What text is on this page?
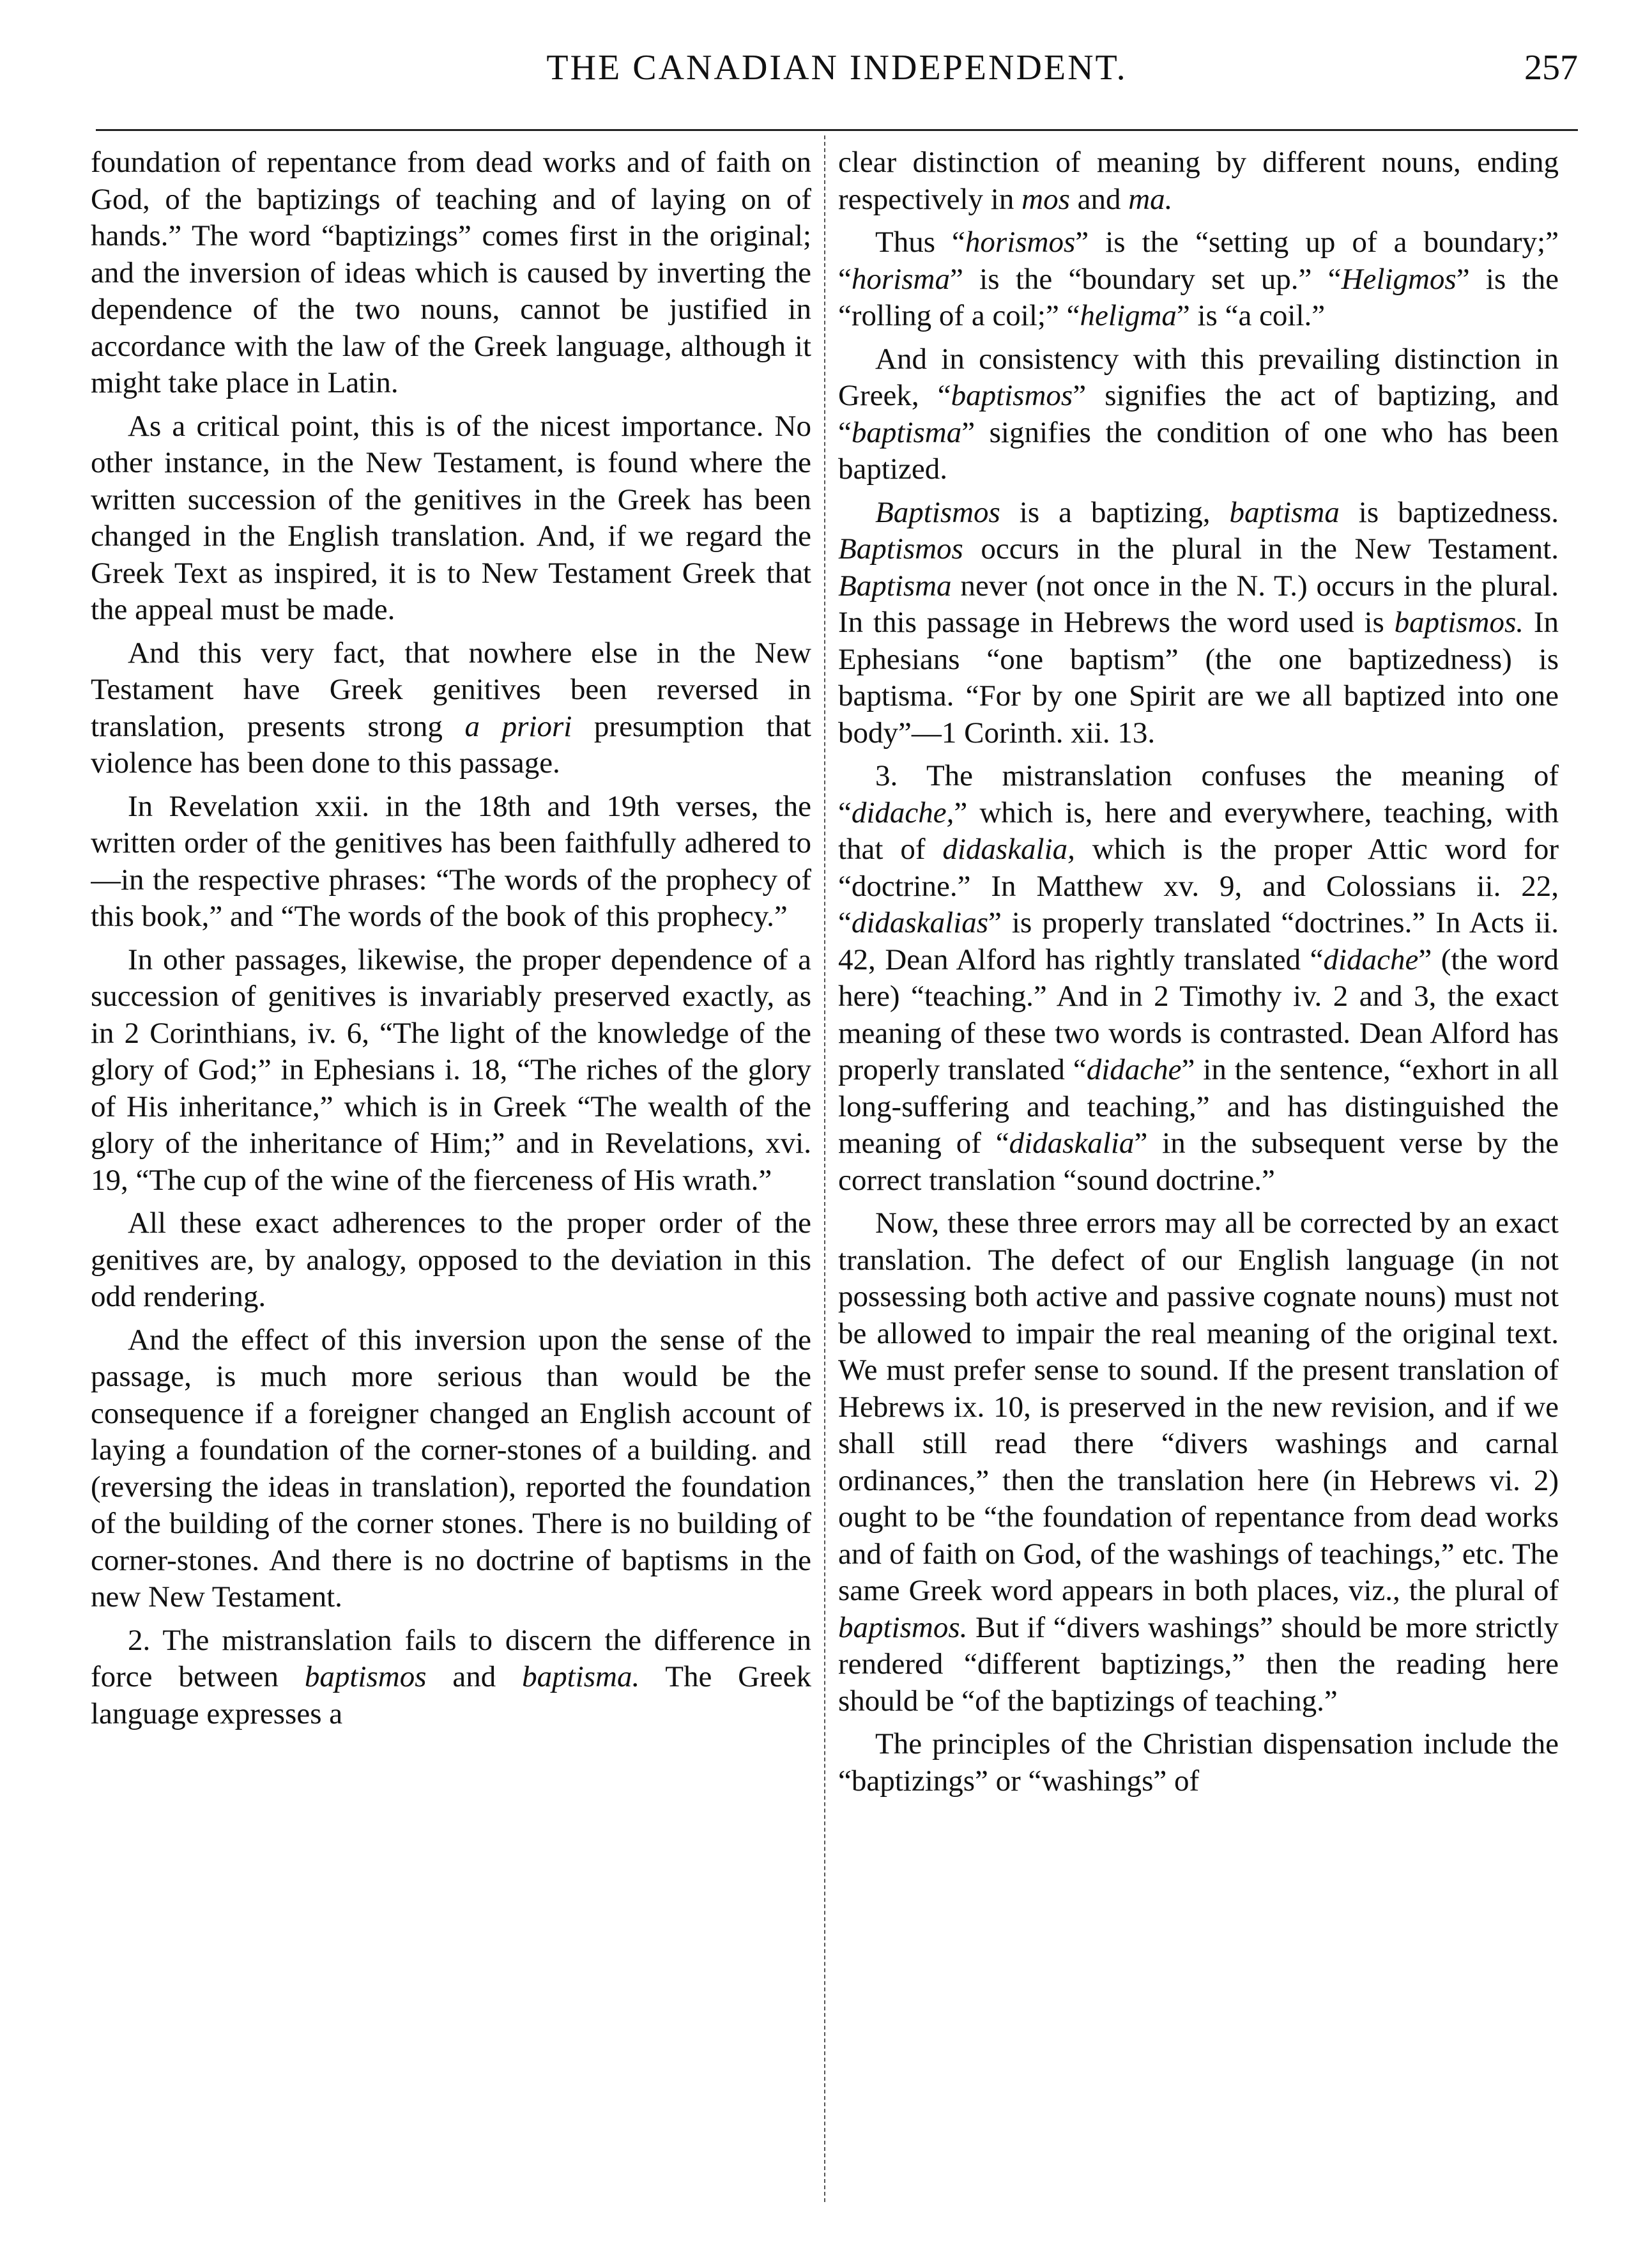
THE CANADIAN INDEPENDENT.	257

foundation of repentance from dead works and of faith on God, of the baptizings of teaching and of laying on of hands.” The word “baptizings” comes first in the original; and the inversion of ideas which is caused by inverting the dependence of the two nouns, cannot be justified in accordance with the law of the Greek language, although it might take place in Latin.

As a critical point, this is of the nicest importance. No other instance, in the New Testament, is found where the written succession of the genitives in the Greek has been changed in the English translation. And, if we regard the Greek Text as inspired, it is to New Testament Greek that the appeal must be made.

And this very fact, that nowhere else in the New Testament have Greek genitives been reversed in translation, presents strong a priori presumption that violence has been done to this passage.

In Revelation xxii. in the 18th and 19th verses, the written order of the genitives has been faithfully adhered to—in the respective phrases: “The words of the prophecy of this book,” and “The words of the book of this prophecy.”

In other passages, likewise, the proper dependence of a succession of genitives is invariably preserved exactly, as in 2 Corinthians, iv. 6, “The light of the knowledge of the glory of God;” in Ephesians i. 18, “The riches of the glory of His inheritance,” which is in Greek “The wealth of the glory of the inheritance of Him;” and in Revelations, xvi. 19, “The cup of the wine of the fierceness of His wrath.”

All these exact adherences to the proper order of the genitives are, by analogy, opposed to the deviation in this odd rendering.

And the effect of this inversion upon the sense of the passage, is much more serious than would be the consequence if a foreigner changed an English account of laying a foundation of the corner-stones of a building. and (reversing the ideas in translation), reported the foundation of the building of the corner stones. There is no building of corner-stones. And there is no doctrine of baptisms in the new New Testament.

2. The mistranslation fails to discern the difference in force between baptismos and baptisma. The Greek language expresses a

clear distinction of meaning by different nouns, ending respectively in mos and ma.

Thus “horismos” is the “setting up of a boundary;” “horisma” is the “boundary set up.” “Heligmos” is the “rolling of a coil;” “heligma” is “a coil.”

And in consistency with this prevailing distinction in Greek, “baptismos” signifies the act of baptizing, and “baptisma” signifies the condition of one who has been baptized.

Baptismos is a baptizing, baptisma is baptizedness. Baptismos occurs in the plural in the New Testament. Baptisma never (not once in the N. T.) occurs in the plural. In this passage in Hebrews the word used is baptismos. In Ephesians “one baptism” (the one baptizedness) is baptisma. “For by one Spirit are we all baptized into one body”—1 Corinth. xii. 13.

3. The mistranslation confuses the meaning of “didache,” which is, here and everywhere, teaching, with that of didaskalia, which is the proper Attic word for “doctrine.” In Matthew xv. 9, and Colossians ii. 22, “didaskalias” is properly translated “doctrines.” In Acts ii. 42, Dean Alford has rightly translated “didache” (the word here) “teaching.” And in 2 Timothy iv. 2 and 3, the exact meaning of these two words is contrasted. Dean Alford has properly translated “didache” in the sentence, “exhort in all long-suffering and teaching,” and has distinguished the meaning of “didaskalia” in the subsequent verse by the correct translation “sound doctrine.”

Now, these three errors may all be corrected by an exact translation. The defect of our English language (in not possessing both active and passive cognate nouns) must not be allowed to impair the real meaning of the original text. We must prefer sense to sound. If the present translation of Hebrews ix. 10, is preserved in the new revision, and if we shall still read there “divers washings and carnal ordinances,” then the translation here (in Hebrews vi. 2) ought to be “the foundation of repentance from dead works and of faith on God, of the washings of teachings,” etc. The same Greek word appears in both places, viz., the plural of baptismos. But if “divers washings” should be more strictly rendered “different baptizings,” then the reading here should be “of the baptizings of teaching.”

The principles of the Christian dispensation include the “baptizings” or “washings” of
